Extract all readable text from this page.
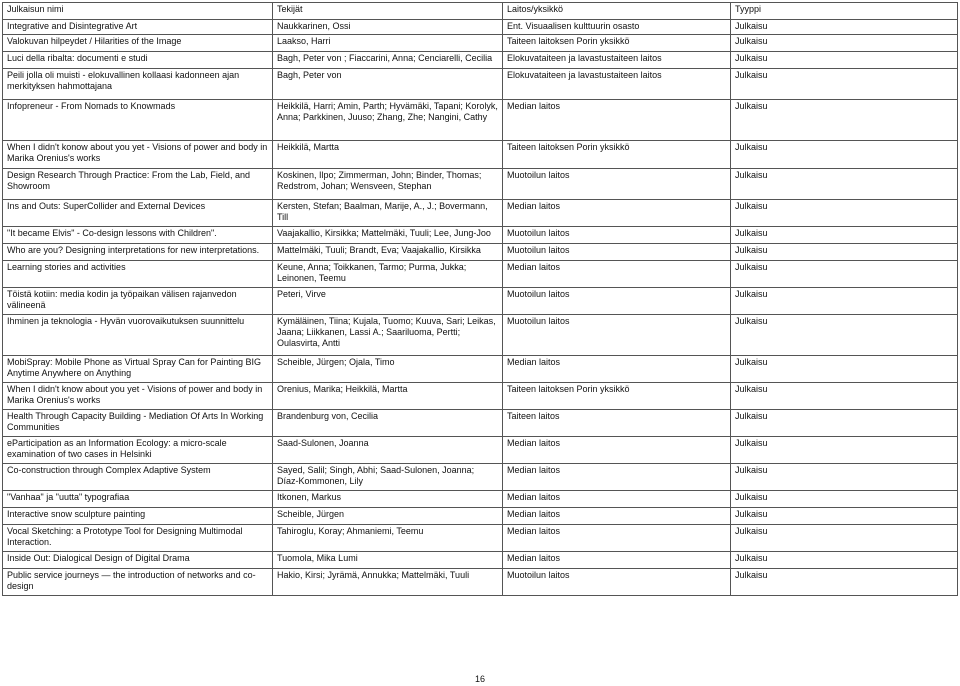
Julkaisun nimi	Tekijät	Laitos/yksikkö	Tyyppi
Integrative and Disintegrative Art	Naukkarinen, Ossi	Ent. Visuaalisen kulttuurin osasto	Julkaisu
Valokuvan hilpeydet / Hilarities of the Image	Laakso, Harri	Taiteen laitoksen Porin yksikkö	Julkaisu
Luci della ribalta: documenti e studi	Bagh, Peter von ; Fiaccarini, Anna; Cenciarelli, Cecilia	Elokuvataiteen ja lavastustaiteen laitos	Julkaisu
Peili jolla oli muisti - elokuvallinen kollaasi kadonneen ajan merkityksen hahmottajana	Bagh, Peter von	Elokuvataiteen ja lavastustaiteen laitos	Julkaisu
Infopreneur - From Nomads to Knowmads	Heikkilä, Harri; Amin, Parth; Hyvämäki, Tapani; Korolyk, Anna; Parkkinen, Juuso; Zhang, Zhe; Nangini, Cathy	Median laitos	Julkaisu
When I didn't konow about you yet - Visions of power and body in Marika Orenius's works	Heikkilä, Martta	Taiteen laitoksen Porin yksikkö	Julkaisu
Design Research Through Practice: From the Lab, Field, and Showroom	Koskinen, Ilpo; Zimmerman, John; Binder, Thomas; Redstrom, Johan; Wensveen, Stephan	Muotoilun laitos	Julkaisu
Ins and Outs: SuperCollider and External Devices	Kersten, Stefan; Baalman, Marije, A., J.; Bovermann, Till	Median laitos	Julkaisu
"It became Elvis" - Co-design lessons with Children".	Vaajakallio, Kirsikka; Mattelmäki, Tuuli; Lee, Jung-Joo	Muotoilun laitos	Julkaisu
Who are you? Designing interpretations for new interpretations.	Mattelmäki, Tuuli; Brandt, Eva; Vaajakallio, Kirsikka	Muotoilun laitos	Julkaisu
Learning stories and activities	Keune, Anna; Toikkanen, Tarmo; Purma, Jukka; Leinonen, Teemu	Median laitos	Julkaisu
Töistä kotiin: media kodin ja työpaikan välisen rajanvedon välineenä	Peteri, Virve	Muotoilun laitos	Julkaisu
Ihminen ja teknologia - Hyvän vuorovaikutuksen suunnittelu	Kymäläinen, Tiina; Kujala, Tuomo; Kuuva, Sari; Leikas, Jaana; Liikkanen, Lassi A.; Saariluoma, Pertti; Oulasvirta, Antti	Muotoilun laitos	Julkaisu
MobiSpray: Mobile Phone as Virtual Spray Can for Painting BIG Anytime Anywhere on Anything	Scheible, Jürgen; Ojala, Timo	Median laitos	Julkaisu
When I didn't know about you yet - Visions of power and body in Marika Orenius's works	Orenius, Marika; Heikkilä, Martta	Taiteen laitoksen Porin yksikkö	Julkaisu
Health Through Capacity Building - Mediation Of Arts In Working Communities	Brandenburg von, Cecilia	Taiteen laitos	Julkaisu
eParticipation as an Information Ecology: a micro-scale examination of two cases in Helsinki	Saad-Sulonen, Joanna	Median laitos	Julkaisu
Co-construction through Complex Adaptive System	Sayed, Salil; Singh, Abhi; Saad-Sulonen, Joanna; Díaz-Kommonen, Lily	Median laitos	Julkaisu
"Vanhaa" ja "uutta" typografiaa	Itkonen, Markus	Median laitos	Julkaisu
Interactive snow sculpture painting	Scheible, Jürgen	Median laitos	Julkaisu
Vocal Sketching: a Prototype Tool for Designing Multimodal Interaction.	Tahiroglu, Koray; Ahmaniemi, Teemu	Median laitos	Julkaisu
Inside Out: Dialogical Design of Digital Drama	Tuomola, Mika Lumi	Median laitos	Julkaisu
Public service journeys — the introduction of networks and co-design	Hakio, Kirsi; Jyrämä, Annukka; Mattelmäki, Tuuli	Muotoilun laitos	Julkaisu
16
